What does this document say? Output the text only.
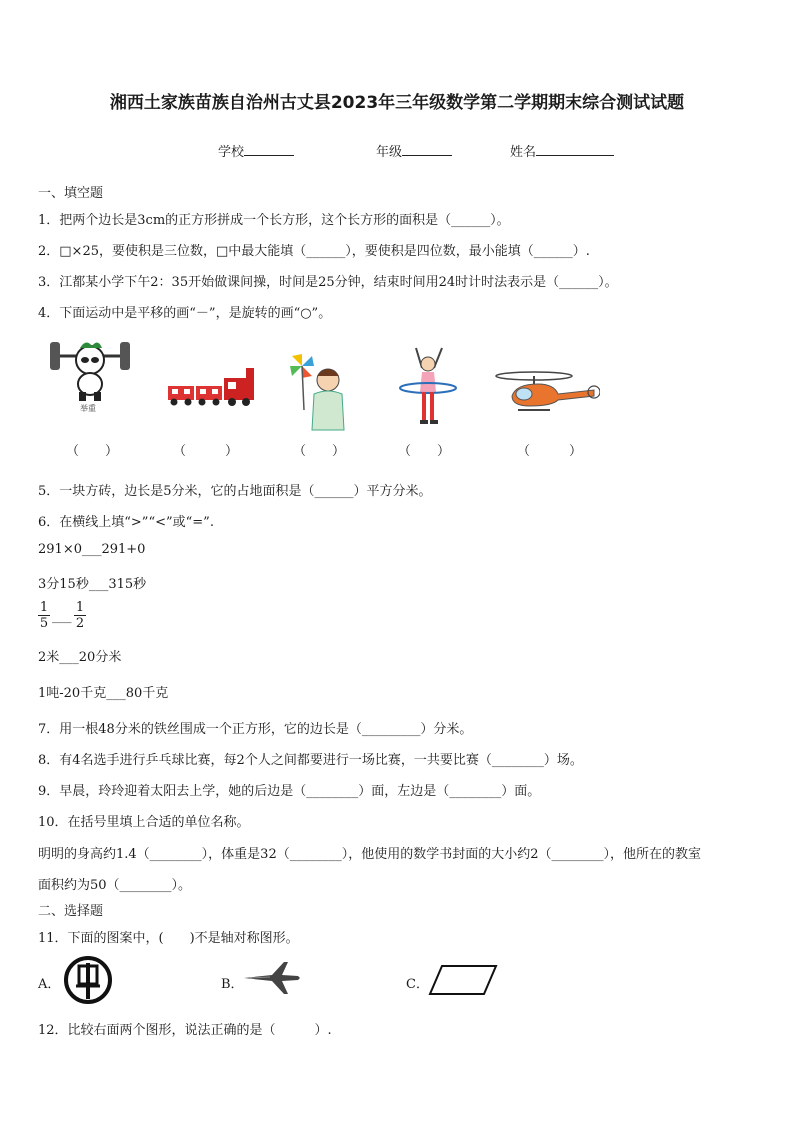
湘西土家族苗族自治州古丈县2023年三年级数学第二学期期末综合测试试题
学校	年级	姓名
一、填空题
1．把两个边长是3cm的正方形拼成一个长方形，这个长方形的面积是（______）。
2．□×25，要使积是三位数，□中最大能填（______），要使积是四位数，最小能填（______）.
3．江都某小学下午2：35开始做课间操，时间是25分钟，结束时间用24时计时法表示是（______）。
4．下面运动中是平移的画“－”，是旋转的画“○”。
举重
（　　）	（　　　）	（　　）	（　　）	（　　　）
5．一块方砖，边长是5分米，它的占地面积是（______）平方分米。
6．在横线上填“>”“<”或“=”.
291×0___291+0
3分15秒___315秒
$\frac{1}{5}$ ___ $\frac{1}{2}$
2米___20分米
1吨-20千克___80千克
7．用一根48分米的铁丝围成一个正方形，它的边长是（_________）分米。
8．有4名选手进行乒乓球比赛，每2个人之间都要进行一场比赛，一共要比赛（________）场。
9．早晨，玲玲迎着太阳去上学，她的后边是（________）面，左边是（________）面。
10．在括号里填上合适的单位名称。
明明的身高约1.4（________），体重是32（________），他使用的数学书封面的大小约2（________），他所在的教室
面积约为50（________）。
二、选择题
11．下面的图案中，(　　)不是轴对称图形。
A．	B．	C．
12．比较右面两个图形，说法正确的是（　　　）.
